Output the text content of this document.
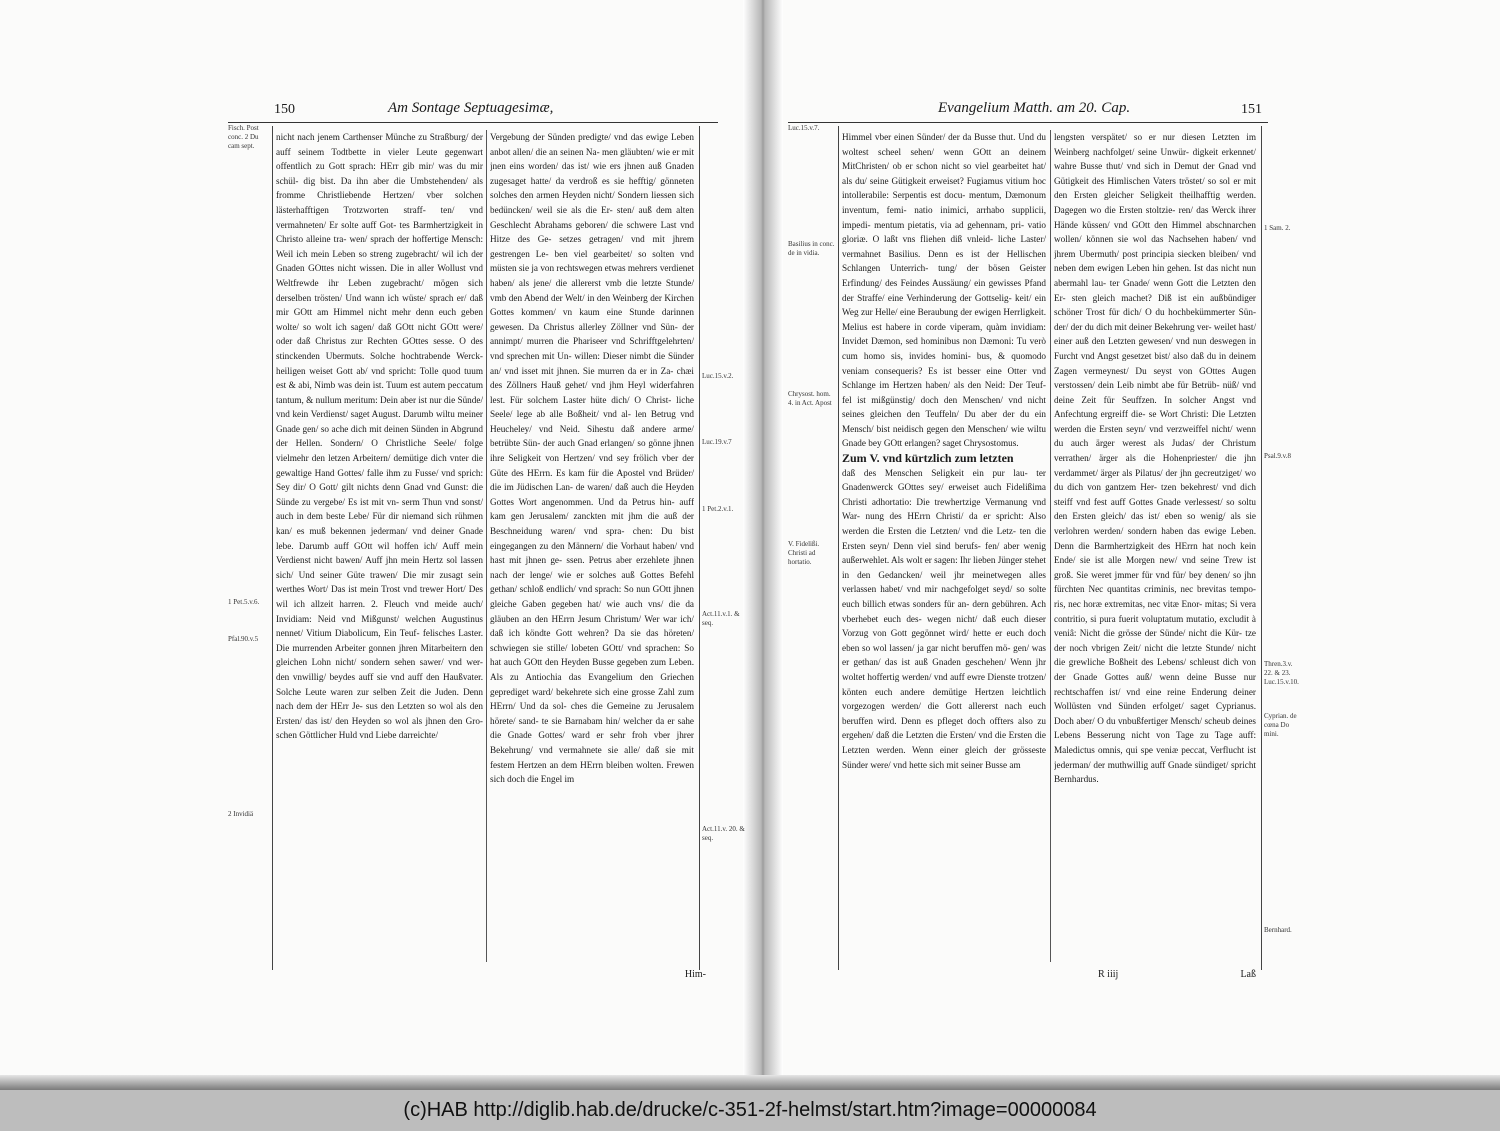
150	Am Sontage Septuagesimæ,
Fisch. Post conc. 2 Du cam sept.
1 Pet.5.v.6.
Pfal.90.v.5
2 Invidiä
Luc.15.v.2.
Luc.19.v.7
1 Pet.2.v.1.
Act.11.v.1. & seq.
Act.11.v. 20. & seq.

nicht nach jenem Carthenser Münche zu Straßburg/ der auff seinem Todtbette in vieler Leute gegenwart offentlich zu Gott sprach: HErr gib mir/ was du mir schül- dig bist. Da ihn aber die Umbstehenden/ als fromme Christliebende Hertzen/ vber solchen lästerhafftigen Trotzworten straff- ten/ vnd vermahneten/ Er solte auff Got- tes Barmhertzigkeit in Christo alleine tra- wen/ sprach der hoffertige Mensch: Weil ich mein Leben so streng zugebracht/ wil ich der Gnaden GOttes nicht wissen. Die in aller Wollust vnd Weltfrewde ihr Leben zugebracht/ mögen sich derselben trösten/ Und wann ich wüste/ sprach er/ daß mir GOtt am Himmel nicht mehr denn euch geben wolte/ so wolt ich sagen/ daß GOtt nicht GOtt were/ oder daß Christus zur Rechten GOttes sesse. O des stinckenden Ubermuts. Solche hochtrabende Werck- heiligen weiset Gott ab/ vnd spricht: Tolle quod tuum est & abi, Nimb was dein ist. Tuum est autem peccatum tantum, & nullum meritum: Dein aber ist nur die Sünde/ vnd kein Verdienst/ saget August. Darumb wiltu meiner Gnade gen/ so ache dich mit deinen Sünden in Abgrund der Hellen. Sondern/ O Christliche Seele/ folge vielmehr den letzen Arbeitern/ demütige dich vnter die gewaltige Hand Gottes/ falle ihm zu Fusse/ vnd sprich: Sey dir/ O Gott/ gilt nichts denn Gnad vnd Gunst: die Sünde zu vergebe/ Es ist mit vn- serm Thun vnd sonst/ auch in dem beste Lebe/ Für dir niemand sich rühmen kan/ es muß bekennen jederman/ vnd deiner Gnade lebe. Darumb auff GOtt wil hoffen ich/ Auff mein Verdienst nicht bawen/ Auff jhn mein Hertz sol lassen sich/ Und seiner Güte trawen/ Die mir zusagt sein werthes Wort/ Das ist mein Trost vnd trewer Hort/ Des wil ich allzeit harren. 2. Fleuch vnd meide auch/ Invidiam: Neid vnd Mißgunst/ welchen Augustinus nennet/ Vitium Diabolicum, Ein Teuf- felisches Laster. Die murrenden Arbeiter gonnen jhren Mitarbeitern den gleichen Lohn nicht/ sondern sehen sawer/ vnd wer- den vnwillig/ beydes auff sie vnd auff den Haußvater. Solche Leute waren zur selben Zeit die Juden. Denn nach dem der HErr Je- sus den Letzten so wol als den Ersten/ das ist/ den Heyden so wol als jhnen den Gro- schen Göttlicher Huld vnd Liebe darreichte/

Vergebung der Sünden predigte/ vnd das ewige Leben anbot allen/ die an seinen Na- men gläubten/ wie er mit jnen eins worden/ das ist/ wie ers jhnen auß Gnaden zugesaget hatte/ da verdroß es sie hefftig/ gönneten solches den armen Heyden nicht/ Sondern liessen sich bedüncken/ weil sie als die Er- sten/ auß dem alten Geschlecht Abrahams geboren/ die schwere Last vnd Hitze des Ge- setzes getragen/ vnd mit jhrem gestrengen Le- ben viel gearbeitet/ so solten vnd müsten sie ja von rechtswegen etwas mehrers verdienet haben/ als jene/ die allererst vmb die letzte Stunde/ vmb den Abend der Welt/ in den Weinberg der Kirchen Gottes kommen/ vn kaum eine Stunde darinnen gewesen. Da Christus allerley Zöllner vnd Sün- der annimpt/ murren die Phariseer vnd Schrifftgelehrten/ vnd sprechen mit Un- willen: Dieser nimbt die Sünder an/ vnd isset mit jhnen. Sie murren da er in Za- chæi des Zöllners Hauß gehet/ vnd jhm Heyl widerfahren lest. Für solchem Laster hüte dich/ O Christ- liche Seele/ lege ab alle Boßheit/ vnd al- len Betrug vnd Heucheley/ vnd Neid. Sihestu daß andere arme/ betrübte Sün- der auch Gnad erlangen/ so gönne jhnen ihre Seligkeit von Hertzen/ vnd sey frölich vber der Güte des HErrn. Es kam für die Apostel vnd Brüder/ die im Jüdischen Lan- de waren/ daß auch die Heyden Gottes Wort angenommen. Und da Petrus hin- auff kam gen Jerusalem/ zanckten mit jhm die auß der Beschneidung waren/ vnd spra- chen: Du bist eingegangen zu den Männern/ die Vorhaut haben/ vnd hast mit jhnen ge- ssen. Petrus aber erzehlete jhnen nach der lenge/ wie er solches auß Gottes Befehl gethan/ schloß endlich/ vnd sprach: So nun GOtt jhnen gleiche Gaben gegeben hat/ wie auch vns/ die da gläuben an den HErrn Jesum Christum/ Wer war ich/ daß ich köndte Gott wehren? Da sie das höreten/ schwiegen sie stille/ lobeten GOtt/ vnd sprachen: So hat auch GOtt den Heyden Busse gegeben zum Leben. Als zu Antiochia das Evangelium den Griechen geprediget ward/ bekehrete sich eine grosse Zahl zum HErrn/ Und da sol- ches die Gemeine zu Jerusalem hörete/ sand- te sie Barnabam hin/ welcher da er sahe die Gnade Gottes/ ward er sehr froh vber jhrer Bekehrung/ vnd vermahnete sie alle/ daß sie mit festem Hertzen an dem HErrn bleiben wolten. Frewen sich doch die Engel im

Him-
Evangelium Matth. am 20. Cap.	151
Luc.15.v.7.
Basilius in conc. de in vidia.
Chrysost. hom. 4. in Act. Apost
V. Fidelißi. Christi ad hortatio.
1 Sam. 2.
Psal.9.v.8
Thren.3.v. 22. & 23. Luc.15.v.10.
Cyprian. de cœna Do mini.
Bernhard.

Himmel vber einen Sünder/ der da Busse thut. Und du woltest scheel sehen/ wenn GOtt an deinem MitChristen/ ob er schon nicht so viel gearbeitet hat/ als du/ seine Gütigkeit erweiset? Fugiamus vitium hoc intollerabile: Serpentis est docu- mentum, Dæmonum inventum, femi- natio inimici, arrhabo supplicii, impedi- mentum pietatis, via ad gehennam, pri- vatio gloriæ. O laßt vns fliehen diß vnleid- liche Laster/ vermahnet Basilius. Denn es ist der Hellischen Schlangen Unterrich- tung/ der bösen Geister Erfindung/ des Feindes Aussäung/ ein gewisses Pfand der Straffe/ eine Verhinderung der Gottselig- keit/ ein Weg zur Helle/ eine Beraubung der ewigen Herrligkeit. Melius est habere in corde viperam, quàm invidiam: Invidet Dæmon, sed hominibus non Dæmoni: Tu verò cum homo sis, invides homini- bus, & quomodo veniam consequeris? Es ist besser eine Otter vnd Schlange im Hertzen haben/ als den Neid: Der Teuf- fel ist mißgünstig/ doch den Menschen/ vnd nicht seines gleichen den Teuffeln/ Du aber der du ein Mensch/ bist neidisch gegen den Menschen/ wie wiltu Gnade bey GOtt erlangen? saget Chrysostomus.

Zum V. vnd kürtzlich zum letzten

daß des Menschen Seligkeit ein pur lau- ter Gnadenwerck GOttes sey/ erweiset auch Fidelißima Christi adhortatio: Die trewhertzige Vermanung vnd War- nung des HErrn Christi/ da er spricht: Also werden die Ersten die Letzten/ vnd die Letz- ten die Ersten seyn/ Denn viel sind berufs- fen/ aber wenig außerwehlet. Als wolt er sagen: Ihr lieben Jünger stehet in den Gedancken/ weil jhr meinetwegen alles verlassen habet/ vnd mir nachgefolget seyd/ so solte euch billich etwas sonders für an- dern gebühren. Ach vberhebet euch des- wegen nicht/ daß euch dieser Vorzug von Gott gegönnet wird/ hette er euch doch eben so wol lassen/ ja gar nicht beruffen mö- gen/ was er gethan/ das ist auß Gnaden geschehen/ Wenn jhr woltet hoffertig werden/ vnd auff ewre Dienste trotzen/ könten euch andere demütige Hertzen leichtlich vorgezogen werden/ die Gott allererst nach euch beruffen wird. Denn es pfleget doch offters also zu ergehen/ daß die Letzten die Ersten/ vnd die Ersten die Letzten werden. Wenn einer gleich der grösseste Sünder were/ vnd hette sich mit seiner Busse am

lengsten verspätet/ so er nur diesen Letzten im Weinberg nachfolget/ seine Unwür- digkeit erkennet/ wahre Busse thut/ vnd sich in Demut der Gnad vnd Gütigkeit des Himlischen Vaters tröstet/ so sol er mit den Ersten gleicher Seligkeit theilhafftig werden. Dagegen wo die Ersten stoltzie- ren/ das Werck ihrer Hände küssen/ vnd GOtt den Himmel abschnarchen wollen/ können sie wol das Nachsehen haben/ vnd jhrem Ubermuth/ post principia siecken bleiben/ vnd neben dem ewigen Leben hin gehen. Ist das nicht nun abermahl lau- ter Gnade/ wenn Gott die Letzten den Er- sten gleich machet? Diß ist ein außbündiger schöner Trost für dich/ O du hochbekümmerter Sün- der/ der du dich mit deiner Bekehrung ver- weilet hast/ einer auß den Letzten gewesen/ vnd nun deswegen in Furcht vnd Angst gesetzet bist/ also daß du in deinem Zagen vermeynest/ Du seyst von GOttes Augen verstossen/ dein Leib nimbt abe für Betrüb- nüß/ vnd deine Zeit für Seuffzen. In solcher Angst vnd Anfechtung ergreiff die- se Wort Christi: Die Letzten werden die Ersten seyn/ vnd verzweiffel nicht/ wenn du auch ärger werest als Judas/ der Christum verrathen/ ärger als die Hohenpriester/ die jhn verdammet/ ärger als Pilatus/ der jhn gecreutziget/ wo du dich von gantzem Her- tzen bekehrest/ vnd dich steiff vnd fest auff Gottes Gnade verlessest/ so soltu den Ersten gleich/ das ist/ eben so wenig/ als sie verlohren werden/ sondern haben das ewige Leben. Denn die Barmhertzigkeit des HErrn hat noch kein Ende/ sie ist alle Morgen new/ vnd seine Trew ist groß. Sie weret jmmer für vnd für/ bey denen/ so jhn fürchten Nec quantitas criminis, nec brevitas tempo- ris, nec horæ extremitas, nec vitæ Enor- mitas; Si vera contritio, si pura fuerit voluptatum mutatio, excludit à veniâ: Nicht die grösse der Sünde/ nicht die Kür- tze der noch vbrigen Zeit/ nicht die letzte Stunde/ nicht die grewliche Boßheit des Lebens/ schleust dich von der Gnade Gottes auß/ wenn deine Busse nur rechtschaffen ist/ vnd eine reine Enderung deiner Wollüsten vnd Sünden erfolget/ saget Cyprianus. Doch aber/ O du vnbußfertiger Mensch/ scheub deines Lebens Besserung nicht von Tage zu Tage auff: Maledictus omnis, qui spe veniæ peccat, Verflucht ist jederman/ der muthwillig auff Gnade sündiget/ spricht Bernhardus.

R iiij	Laß
(c)HAB http://diglib.hab.de/drucke/c-351-2f-helmst/start.htm?image=00000084
